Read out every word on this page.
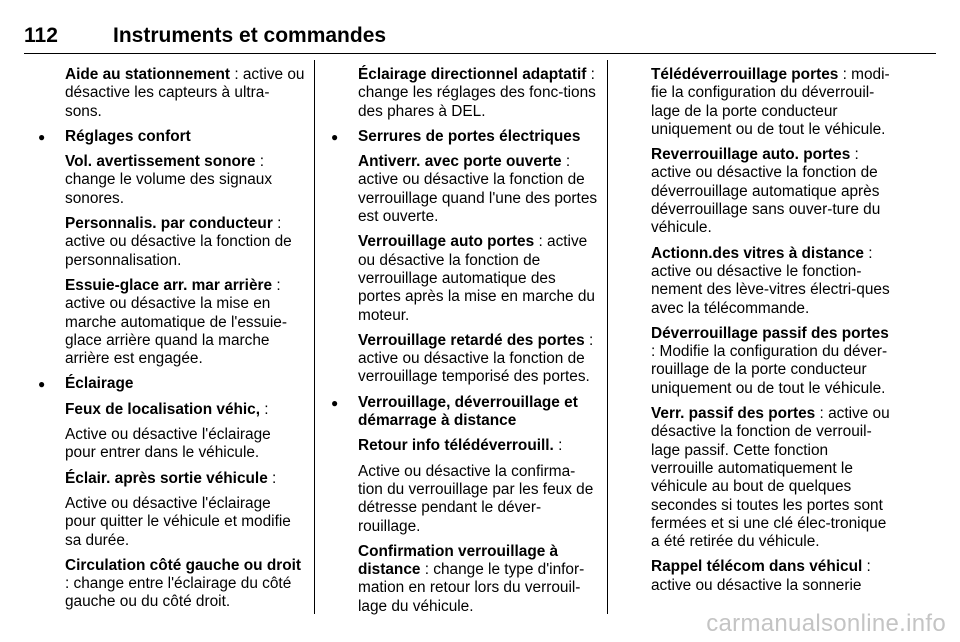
112	Instruments et commandes

Aide au stationnement : active ou désactive les capteurs à ultra-sons.

● Réglages confort

Vol. avertissement sonore : change le volume des signaux sonores.

Personnalis. par conducteur : active ou désactive la fonction de personnalisation.

Essuie-glace arr. mar arrière : active ou désactive la mise en marche automatique de l'essuie-glace arrière quand la marche arrière est engagée.

● Éclairage

Feux de localisation véhic, :

Active ou désactive l'éclairage pour entrer dans le véhicule.

Éclair. après sortie véhicule :

Active ou désactive l'éclairage pour quitter le véhicule et modifie sa durée.

Circulation côté gauche ou droit : change entre l'éclairage du côté gauche ou du côté droit.

Éclairage directionnel adaptatif : change les réglages des fonc-tions des phares à DEL.

● Serrures de portes électriques

Antiverr. avec porte ouverte : active ou désactive la fonction de verrouillage quand l'une des portes est ouverte.

Verrouillage auto portes : active ou désactive la fonction de verrouillage automatique des portes après la mise en marche du moteur.

Verrouillage retardé des portes : active ou désactive la fonction de verrouillage temporisé des portes.

● Verrouillage, déverrouillage et démarrage à distance

Retour info télédéverrouill. :

Active ou désactive la confirma-tion du verrouillage par les feux de détresse pendant le déver-rouillage.

Confirmation verrouillage à distance : change le type d'infor-mation en retour lors du verrouil-lage du véhicule.

Télédéverrouillage portes : modi-fie la configuration du déverrouil-lage de la porte conducteur uniquement ou de tout le véhicule.

Reverrouillage auto. portes : active ou désactive la fonction de déverrouillage automatique après déverrouillage sans ouver-ture du véhicule.

Actionn.des vitres à distance : active ou désactive le fonction-nement des lève-vitres électri-ques avec la télécommande.

Déverrouillage passif des portes : Modifie la configuration du déver-rouillage de la porte conducteur uniquement ou de tout le véhicule.

Verr. passif des portes : active ou désactive la fonction de verrouil-lage passif. Cette fonction verrouille automatiquement le véhicule au bout de quelques secondes si toutes les portes sont fermées et si une clé élec-tronique a été retirée du véhicule.

Rappel télécom dans véhicul : active ou désactive la sonnerie

carmanualsonline.info
